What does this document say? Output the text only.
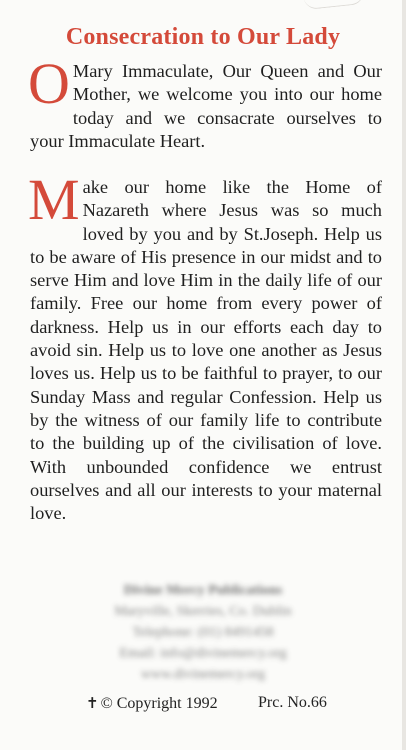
Consecration to Our Lady
O Mary Immaculate, Our Queen and Our Mother, we welcome you into our home today and we consacrate ourselves to your Immaculate Heart.
Make our home like the Home of Nazareth where Jesus was so much loved by you and by St.Joseph. Help us to be aware of His presence in our midst and to serve Him and love Him in the daily life of our family. Free our home from every power of darkness. Help us in our efforts each day to avoid sin. Help us to love one another as Jesus loves us. Help us to be faithful to prayer, to our Sunday Mass and regular Confession. Help us by the witness of our family life to contribute to the building up of the civilisation of love. With unbounded confidence we entrust ourselves and all our interests to your maternal love.
Divine Mercy Publications
Maryville, Skerries, Co. Dublin
Telephone: (01) 8491458
Email: info@divinemercy.org
www.divinemercy.org
✝ © Copyright 1992	Prc. No.66
